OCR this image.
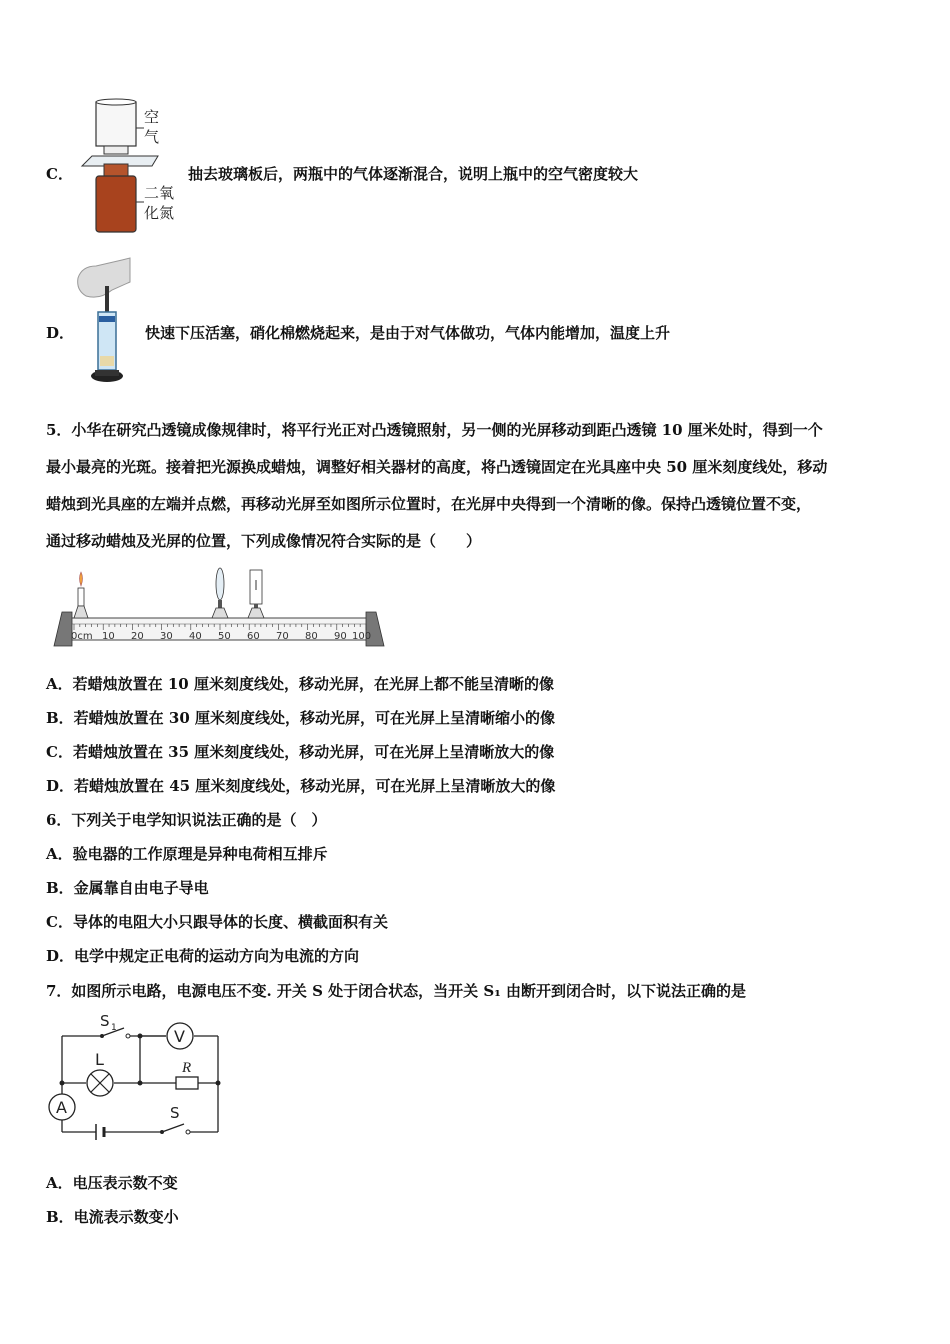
空
气
二氧
化氮
C．	抽去玻璃板后，两瓶中的气体逐渐混合，说明上瓶中的空气密度较大
D．	快速下压活塞，硝化棉燃烧起来，是由于对气体做功，气体内能增加，温度上升
5．小华在研究凸透镜成像规律时，将平行光正对凸透镜照射，另一侧的光屏移动到距凸透镜 10 厘米处时，得到一个
最小最亮的光斑。接着把光源换成蜡烛，调整好相关器材的高度，将凸透镜固定在光具座中央 50 厘米刻度线处，移动
蜡烛到光具座的左端并点燃，再移动光屏至如图所示位置时，在光屏中央得到一个清晰的像。保持凸透镜位置不变，
通过移动蜡烛及光屏的位置，下列成像情况符合实际的是（　　）
0cm 10 20 30 40 50 60 70 80 90 100
A．若蜡烛放置在 10 厘米刻度线处，移动光屏，在光屏上都不能呈清晰的像
B．若蜡烛放置在 30 厘米刻度线处，移动光屏，可在光屏上呈清晰缩小的像
C．若蜡烛放置在 35 厘米刻度线处，移动光屏，可在光屏上呈清晰放大的像
D．若蜡烛放置在 45 厘米刻度线处，移动光屏，可在光屏上呈清晰放大的像
6．下列关于电学知识说法正确的是（　）
A．验电器的工作原理是异种电荷相互排斥
B．金属靠自由电子导电
C．导体的电阻大小只跟导体的长度、横截面积有关
D．电学中规定正电荷的运动方向为电流的方向
7．如图所示电路，电源电压不变. 开关 S 处于闭合状态，当开关 S₁ 由断开到闭合时，以下说法正确的是
V
L	R
A
S 1
S
A．电压表示数不变
B．电流表示数变小
